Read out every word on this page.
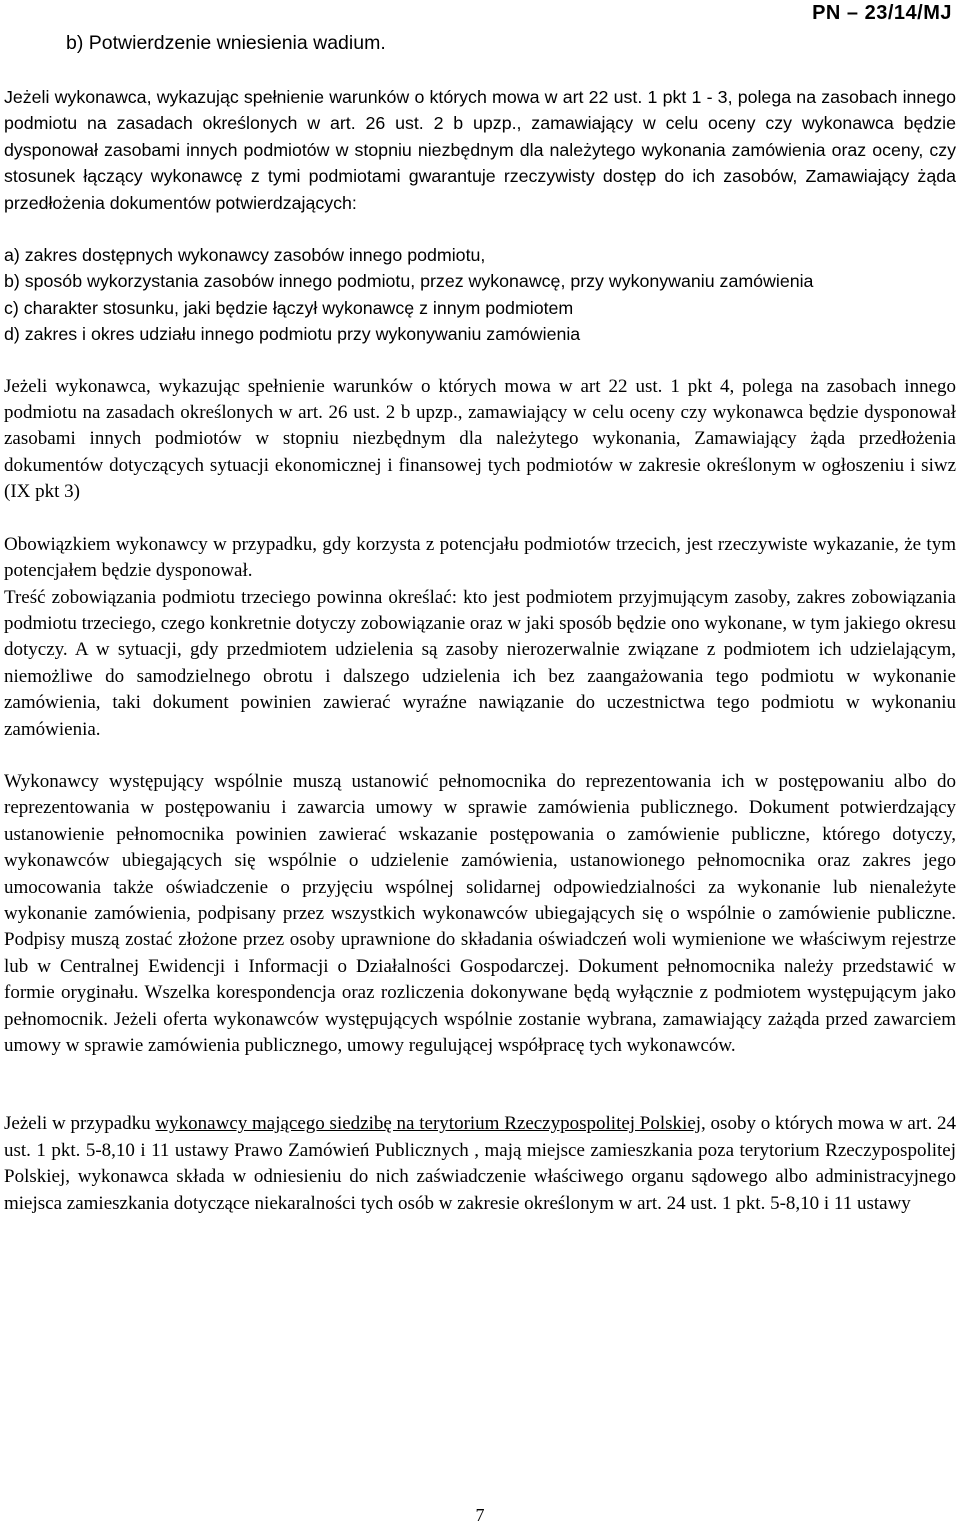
PN – 23/14/MJ

b) Potwierdzenie wniesienia wadium.

Jeżeli wykonawca, wykazując spełnienie warunków o których mowa w art 22 ust. 1 pkt 1 - 3, polega na zasobach innego podmiotu na zasadach określonych w art. 26 ust. 2 b upzp., zamawiający w celu oceny czy wykonawca będzie dysponował zasobami innych podmiotów w stopniu niezbędnym dla należytego wykonania zamówienia oraz oceny, czy stosunek łączący wykonawcę z tymi podmiotami gwarantuje rzeczywisty dostęp do ich zasobów, Zamawiający żąda przedłożenia dokumentów potwierdzających:

a) zakres dostępnych wykonawcy zasobów innego podmiotu,

b) sposób wykorzystania zasobów innego podmiotu, przez wykonawcę, przy wykonywaniu zamówienia

c) charakter stosunku, jaki będzie łączył wykonawcę z innym podmiotem

d) zakres i okres udziału innego podmiotu przy wykonywaniu zamówienia

Jeżeli wykonawca, wykazując spełnienie warunków o których mowa w art 22 ust. 1 pkt 4, polega na zasobach innego podmiotu na zasadach określonych w art. 26 ust. 2 b upzp., zamawiający w celu oceny czy wykonawca będzie dysponował zasobami innych podmiotów w stopniu niezbędnym dla należytego wykonania, Zamawiający żąda przedłożenia dokumentów dotyczących sytuacji ekonomicznej i finansowej tych podmiotów w zakresie określonym w ogłoszeniu i siwz (IX pkt 3)

Obowiązkiem wykonawcy w przypadku, gdy korzysta z potencjału podmiotów trzecich, jest rzeczywiste wykazanie, że tym potencjałem będzie dysponował.

Treść zobowiązania podmiotu trzeciego powinna określać: kto jest podmiotem przyjmującym zasoby, zakres zobowiązania podmiotu trzeciego, czego konkretnie dotyczy zobowiązanie oraz w jaki sposób będzie ono wykonane, w tym jakiego okresu dotyczy. A w sytuacji, gdy przedmiotem udzielenia są zasoby nierozerwalnie związane z podmiotem ich udzielającym, niemożliwe do samodzielnego obrotu i dalszego udzielenia ich bez zaangażowania tego podmiotu w wykonanie zamówienia, taki dokument powinien zawierać wyraźne nawiązanie do uczestnictwa tego podmiotu w wykonaniu zamówienia.

Wykonawcy występujący wspólnie muszą ustanowić pełnomocnika do reprezentowania ich w postępowaniu albo do reprezentowania w postępowaniu i zawarcia umowy w sprawie zamówienia publicznego. Dokument potwierdzający ustanowienie pełnomocnika powinien zawierać wskazanie postępowania o zamówienie publiczne, którego dotyczy, wykonawców ubiegających się wspólnie o udzielenie zamówienia, ustanowionego pełnomocnika oraz zakres jego umocowania także oświadczenie o przyjęciu wspólnej solidarnej odpowiedzialności za wykonanie lub nienależyte wykonanie zamówienia, podpisany przez wszystkich wykonawców ubiegających się o wspólnie o zamówienie publiczne. Podpisy muszą zostać złożone przez osoby uprawnione do składania oświadczeń woli wymienione we właściwym rejestrze lub w Centralnej Ewidencji i Informacji o Działalności Gospodarczej. Dokument pełnomocnika należy przedstawić w formie oryginału. Wszelka korespondencja oraz rozliczenia dokonywane będą wyłącznie z podmiotem występującym jako pełnomocnik. Jeżeli oferta wykonawców występujących wspólnie zostanie wybrana, zamawiający zażąda przed zawarciem umowy w sprawie zamówienia publicznego, umowy regulującej współpracę tych wykonawców.

Jeżeli w przypadku wykonawcy mającego siedzibę na terytorium Rzeczypospolitej Polskiej, osoby o których mowa w art. 24 ust. 1 pkt. 5-8,10 i 11 ustawy Prawo Zamówień Publicznych , mają miejsce zamieszkania poza terytorium Rzeczypospolitej Polskiej, wykonawca składa w odniesieniu do nich zaświadczenie właściwego organu sądowego albo administracyjnego miejsca zamieszkania dotyczące niekaralności tych osób w zakresie określonym w art. 24 ust. 1 pkt. 5-8,10 i 11 ustawy

7
